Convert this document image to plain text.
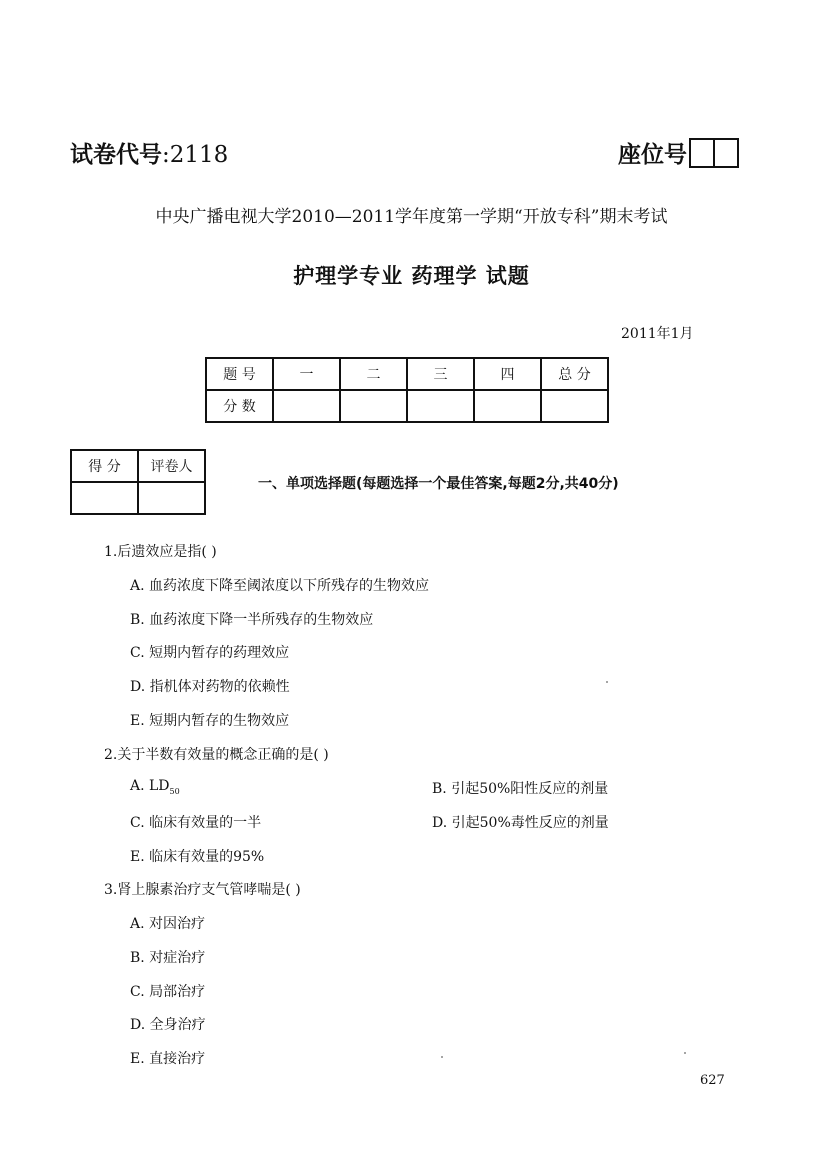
试卷代号:2118	座位号
中央广播电视大学2010—2011学年度第一学期“开放专科”期末考试
护理学专业 药理学 试题
2011年1月
题 号	一	二	三	四	总 分
分 数					
得 分	评卷人

一、单项选择题(每题选择一个最佳答案,每题2分,共40分)
1.后遗效应是指( )
A. 血药浓度下降至阈浓度以下所残存的生物效应
B. 血药浓度下降一半所残存的生物效应
C. 短期内暂存的药理效应
D. 指机体对药物的依赖性
E. 短期内暂存的生物效应
2.关于半数有效量的概念正确的是( )
A. $LD_{50}$	B. 引起50%阳性反应的剂量
C. 临床有效量的一半	D. 引起50%毒性反应的剂量
E. 临床有效量的95%
3.肾上腺素治疗支气管哮喘是( )
A. 对因治疗
B. 对症治疗
C. 局部治疗
D. 全身治疗
E. 直接治疗
627
